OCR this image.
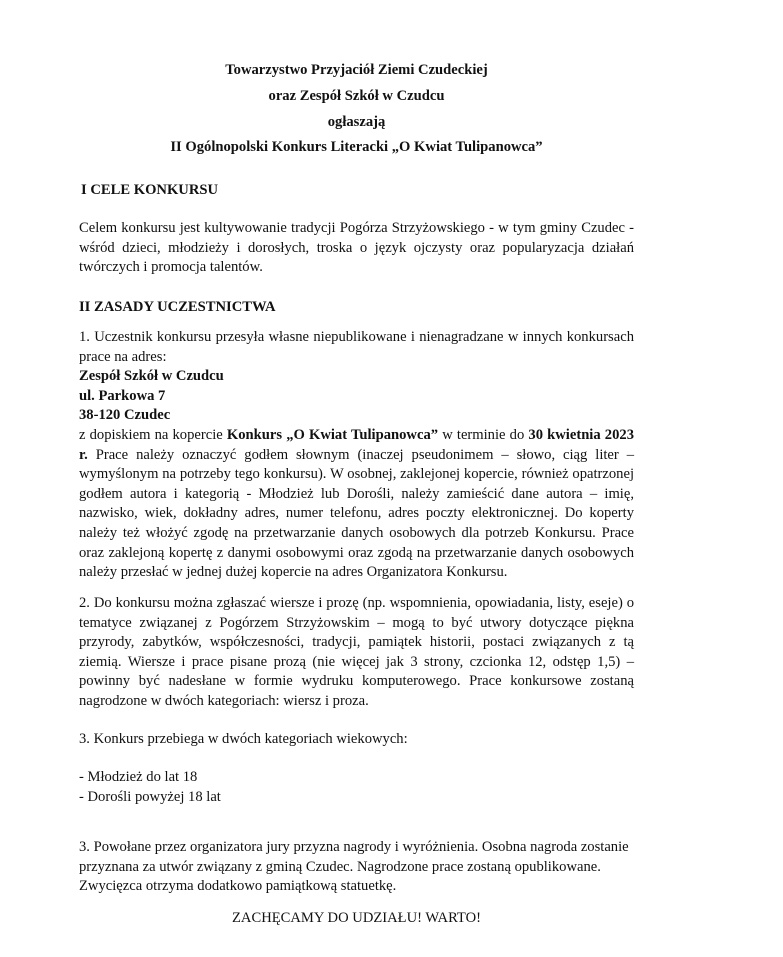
Towarzystwo Przyjaciół Ziemi Czudeckiej
oraz Zespół Szkół w Czudcu
ogłaszają
II Ogólnopolski Konkurs Literacki „O Kwiat Tulipanowca”
I CELE KONKURSU
Celem konkursu jest kultywowanie tradycji Pogórza Strzyżowskiego - w tym gminy Czudec - wśród dzieci, młodzieży i dorosłych, troska o język ojczysty oraz popularyzacja działań twórczych i promocja talentów.
II ZASADY UCZESTNICTWA
1. Uczestnik konkursu przesyła własne niepublikowane i nienagradzane w innych konkursach prace na adres:
Zespół Szkół w Czudcu
ul. Parkowa 7
38-120 Czudec
z dopiskiem na kopercie Konkurs „O Kwiat Tulipanowca” w terminie do 30 kwietnia 2023 r. Prace należy oznaczyć godłem słownym (inaczej pseudonimem – słowo, ciąg liter – wymyślonym na potrzeby tego konkursu). W osobnej, zaklejonej kopercie, również opatrzonej godłem autora i kategorią - Młodzież lub Dorośli, należy zamieścić dane autora – imię, nazwisko, wiek, dokładny adres, numer telefonu, adres poczty elektronicznej. Do koperty należy też włożyć zgodę na przetwarzanie danych osobowych dla potrzeb Konkursu. Prace oraz zaklejoną kopertę z danymi osobowymi oraz zgodą na przetwarzanie danych osobowych należy przesłać w jednej dużej kopercie na adres Organizatora Konkursu.
2. Do konkursu można zgłaszać wiersze i prozę (np. wspomnienia, opowiadania, listy, eseje) o tematyce związanej z Pogórzem Strzyżowskim – mogą to być utwory dotyczące piękna przyrody, zabytków, współczesności, tradycji, pamiątek historii, postaci związanych z tą ziemią. Wiersze i prace pisane prozą (nie więcej jak 3 strony, czcionka 12, odstęp 1,5) – powinny być nadesłane w formie wydruku komputerowego. Prace konkursowe zostaną nagrodzone w dwóch kategoriach: wiersz i proza.
3. Konkurs przebiega w dwóch kategoriach wiekowych:
- Młodzież do lat 18
- Dorośli powyżej 18 lat
3. Powołane przez organizatora jury przyzna nagrody i wyróżnienia. Osobna nagroda zostanie przyznana za utwór związany z gminą Czudec. Nagrodzone prace zostaną opublikowane. Zwycięzca otrzyma dodatkowo pamiątkową statuetkę.
ZACHĘCAMY DO UDZIAŁU! WARTO!
